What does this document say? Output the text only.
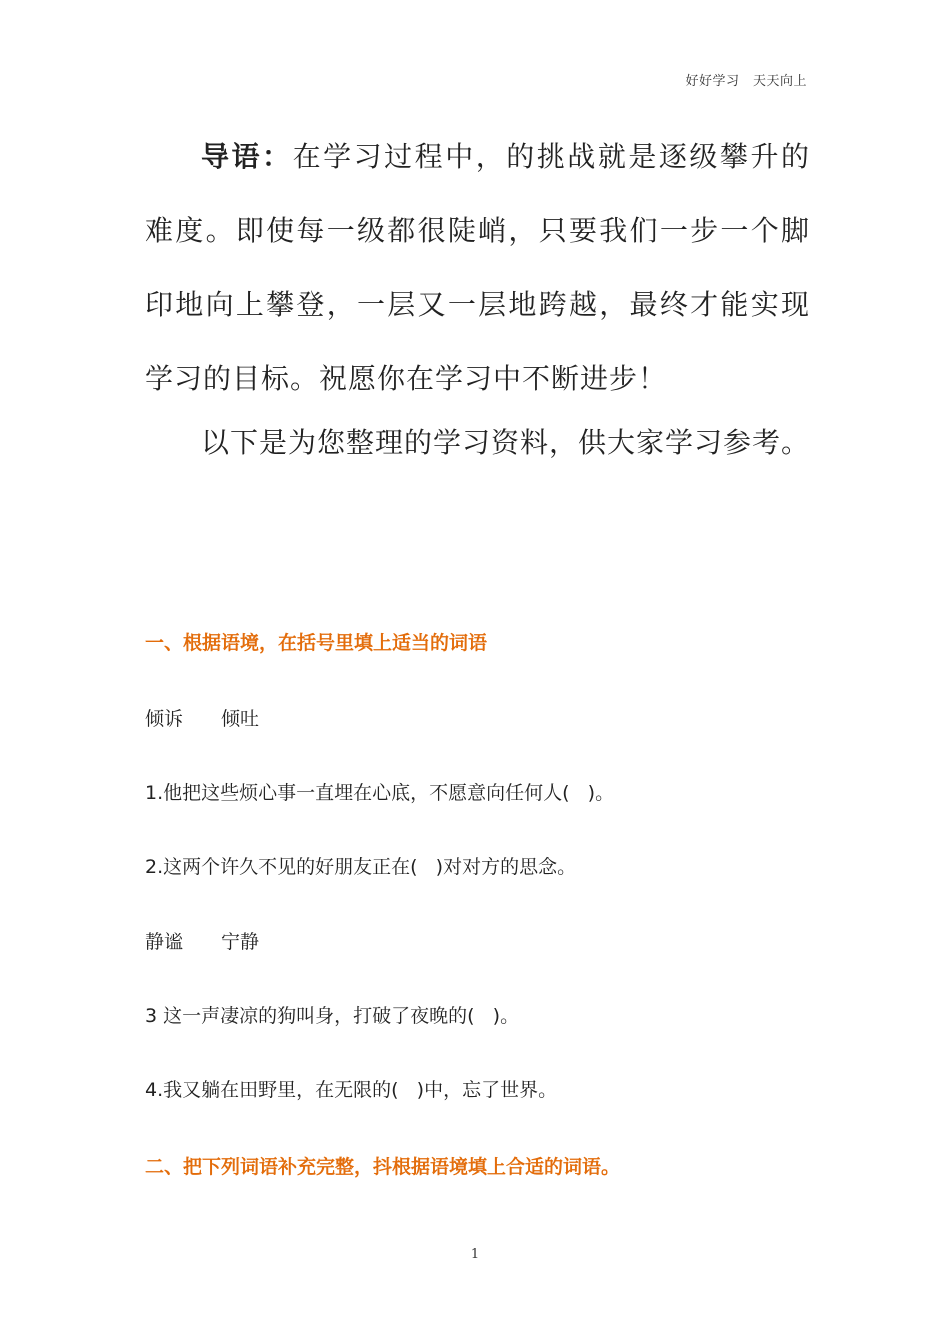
好好学习　天天向上

导语：在学习过程中，的挑战就是逐级攀升的难度。即使每一级都很陡峭，只要我们一步一个脚印地向上攀登，一层又一层地跨越，最终才能实现学习的目标。祝愿你在学习中不断进步！

以下是为您整理的学习资料，供大家学习参考。

一、根据语境，在括号里填上适当的词语
倾诉　　倾吐
1.他把这些烦心事一直埋在心底，不愿意向任何人(   )。
2.这两个许久不见的好朋友正在(   )对对方的思念。
静谧　　宁静
3 这一声凄凉的狗叫身，打破了夜晚的(   )。
4.我又躺在田野里，在无限的(   )中，忘了世界。
二、把下列词语补充完整，抖根据语境填上合适的词语。
1
